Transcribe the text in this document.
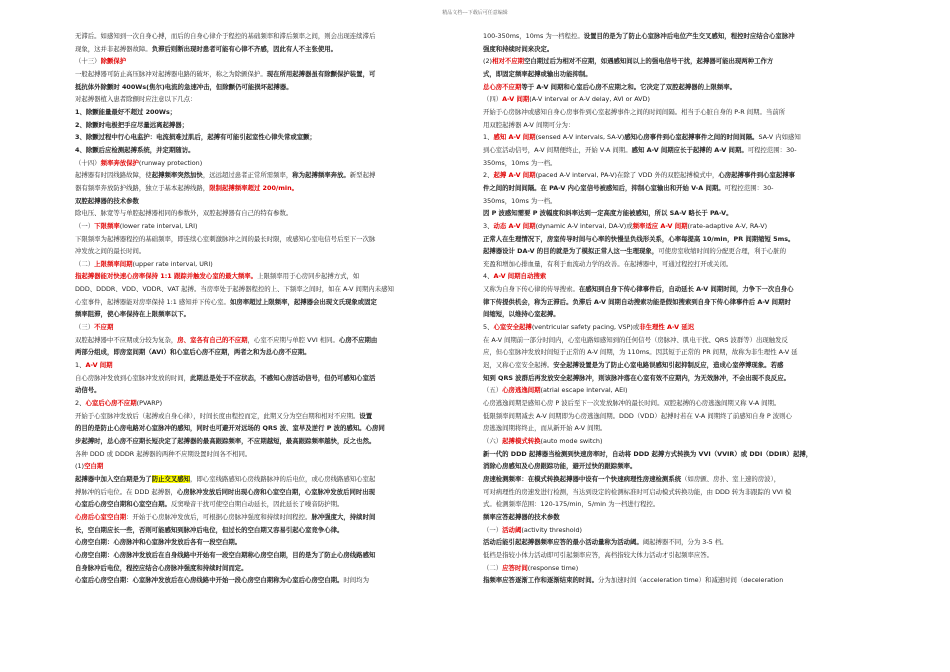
精品文档---下载后可任意编辑
无滞后。如感知到一次自身心搏，而后的自身心律介于程控的基础频率和滞后频率之间，则会出现连续滞后
现象，这并非起搏器故障。负滞后则断出现时患者可能有心律不齐感，因此有人不主张使用。
（十三）除颤保护
一般起搏器可防止高压脉冲对起搏器电路的破坏，称之为除颤保护。现在所用起搏器虽有除颤保护装置，可
抵抗体外除颤时 400Ws(焦尔)电流的急速冲击，但除颤仍可能损坏起搏器。
对起搏器植入患者除颤时应注意以下几点：
1、除颤能量最好不超过 200Ws；
2、除颤时电极把手应尽量远离起搏器；
3、除颤过程中行心电监护：电流损难过肌后，起搏有可能引起室性心律失常或室颤；
4、除颤后应检测起搏系统，并定期随访。
（十四）频率奔放保护(runway protection)
起搏器有时因线路故障，使起搏频率突然加快，远远超过患者正常所需频率，称为起搏频率奔放。新型起搏
器有频率奔放防护线路，独立于基本起搏线路，限制起搏频率超过 200/min。
双腔起搏器的技术参数
除电压、脉宽等与单腔起搏器相同的参数外，双腔起搏器有自己的特有参数。
（一）下限频率(lower rate interval, LRI)
下限频率为起搏器程控的基础频率，即连续心室刺激脉冲之间的最长时限，或感知心室电信号后至下一次脉
冲发放之间的最长时间。
（二）上限频率间期(upper rate interval, URI)
指起搏器能对快速心房率保持 1:1 跟踪并触发心室的最大频率。上限频率用于心房同步起搏方式，如
DDD、DDDR、VDD、VDDR、VAT 起搏。当房率处于起搏器程控的上、下频率之间时，如在 A-V 间期内未感知
心室事件，起搏器能对房率保持 1:1 感知并下传心室。如房率超过上限频率，起搏器会出现文氏现象或固定
频率阻滞，使心率保持在上限频率以下。
（三）不应期
双腔起搏器中不应期或分较为复杂，房、室各有自己的不应期，心室不应期与单腔 VVI 相同。心房不应期由
两部分组成，即房室间期（AVI）和心室后心房不应期，两者之和为总心房不应期。
1、A-V 间期
自心房脉冲发放到心室脉冲发放的时间，此期总是处于不应状态，不感知心房活动信号，但仍可感知心室活
动信号。
2、心室后心房不应期(PVARP)
开始于心室脉冲发放后（起搏或自身心律），时间长度由程控而定，此期又分为空白期和相对不应期。设置
的目的是防止心房电路对心室脉冲的感知，同时也可避开对远场的 QRS 波、室早及逆行 P 波的感知。心房同
步起搏时，总心房不应期长短决定了起搏器的最高跟踪频率，不应期越短，最高跟踪频率越快，反之也然。
各种 DDD 或 DDDR 起搏器的两种不应期设置时间各不相同。
(1)空白期
起搏器中加入空白期是为了防止交叉感知，即心室线路感知心房线路脉冲的后电位，或心房线路感知心室起
搏脉冲的后电位。在 DDD 起搏器，心房脉冲发放后同时出现心房和心室空白期，心室脉冲发放后同时出现
心室后心房空白期和心室空白期。反窦噪音干扰可使空白期自动延长，因此延长了噪音防护期。
心房后心室空白期：开始于心房脉冲发放后，可根据心房脉冲强度和持续时间程控。脉冲强度大，持续时间
长，空白期应长一些，否则可能感知到脉冲后电位，但过长的空白期又容易引起心室竞争心律。
心房空白期：心房脉冲和心室脉冲发放后各有一段空白期。
心房空白期：心房脉冲发放后在自身线路中开始有一段空白期称心房空白期，目的是为了防止心房线路感知
自身脉冲后电位，程控应结合心房脉冲强度和持续时间而定。
心室后心房空白期：心室脉冲发放后在心房线路中开始一段心房空白期称为心室后心房空白期。时间均为
100-350ms，10ms 为一档程控。设置目的是为了防止心室脉冲后电位产生交叉感知，程控时应结合心室脉冲
强度和持续时间来决定。
(2)相对不应期空白期过后为相对不应期，如遇感知间以上的强电信号干扰，起搏器可能出现两种工作方
式，即固定频率起搏或输出功能抑制。
总心房不应期等于 A-V 间期和心室后心房不应期之和。它决定了双腔起搏器的上限频率。
（四）A-V 间期(A-V interval or A-V delay, AVI or AVD)
开始于心房脉冲或感知自身心房事件到心室起搏事件之间的时间间隔。相当于心脏自身的 P-R 间期。当前所
用双腔起搏器 A-V 间期可分为：
1、感知 A-V 间期(sensed A-V intervals, SA-V)感知心房事件到心室起搏事件之间的时间间隔。SA-V 内如感知
到心室活动信号，A-V 间期便终止，开始 V-A 间期。感知 A-V 间期应长于起搏的 A-V 间期。可程控范围：30-
350ms，10ms 为一档。
2、起搏 A-V 间期(paced A-V interval, PA-V)在除了 VDD 外的双腔起搏模式中，心房起搏事件到心室起搏事
件之间的时间间隔。在 PA-V 内心室信号被感知后，抑制心室输出和开始 V-A 间期。可程控范围：30-
350ms，10ms 为一档。
因 P 波感知需要 P 波幅度和斜率达到一定高度方能被感知，所以 SA-V 略长于 PA-V。
3、动态 A-V 间期(dynamic A-V interval, DA-V)或频率适应 A-V 间期(rate-adaptive A-V, RA-V)
正常人在生理情况下，房室传导时间与心率的快慢呈负线形关系，心率每提高 10/min，PR 间期缩短 5ms。
起搏器设计 DA-V 的目的就是为了模拟正常人这一生理现象，可使房室收缩时间的分配更合理，利于心脏的
充盈和增加心排血量，有利于血流动力学的改善。在起搏器中，可通过程控打开或关闭。
4、A-V 间期自动搜索
又称为自身下传心律的传导搜索。在感知到自身下传心律事件后，自动延长 A-V 间期时间，力争下一次自身心
律下传提供机会，称为正滞后。负滞后 A-V 间期自动搜索功能是假如搜索到自身下传心律事件后 A-V 间期时
间缩短，以维持心室起搏。
5、心室安全起搏(ventricular safety pacing, VSP)或非生理性 A-V 延迟
在 A-V 间期前一部分时间内，心室电路如感知到的任何信号（房脉冲、肌电干扰、QRS 波群等）出现触发反
应，但心室脉冲发放时间短于正常的 A-V 间期，为 110ms。因其短于正常的 PR 间期，故称为非生理性 A-V 延
迟，又称心室安全起搏。安全起搏设置是为了防止心室电路误感知引起抑制反应，造成心室停博现象。若感
知到 QRS 波群后再发放安全起搏脉冲，则该脉冲落在心室有效不应期内，为无效脉冲，不会出现不良反应。
（五）心房逃逸间期(atrial escape interval, AEI)
心房逃逸间期是感知心房 P 波后至下一次发放脉冲的最长时间。双腔起搏的心房逃逸间期又称 V-A 间期。
低限频率间期减去 A-V 间期即为心房逃逸间期。DDD（VDD）起搏时若在 V-A 间期终了前感知自身 P 波则心
房逃逸间期将终止，而从新开始 A-V 间期。
（六）起搏模式转换(auto mode switch)
新一代的 DDD 起搏器当检测到快速房率时，自动将 DDD 起搏方式转换为 VVI（VVIR）或 DDI（DDIR）起搏，
消除心房感知及心房跟踪功能，避开过快的跟踪频率。
房速检测频率：在模式转换起搏器中设有一个快速病理性房速检测系统（如房颤、房扑、室上速的房波），
可对病理性的房速发进行检测，当达到设定的检测标准时可启动模式转换功能，由 DDD 转为非跟踪的 VVI 模
式。检测频率范围：120-175/min，5/min 为一档进行程控。
频率应答起搏器的技术参数
（一）活动阈(activity threshold)
活动后能引起起搏器频率应答的最小活动量称为活动阈。阈起搏器不同，分为 3-5 档。
低档是指较小体力活动即可引起频率应答，高档指较大体力活动才引起频率应答。
（二）应答时间(response time)
指频率应答逐渐工作和逐渐结束的时间。分为加速时间（acceleration time）和减速时间（deceleration
